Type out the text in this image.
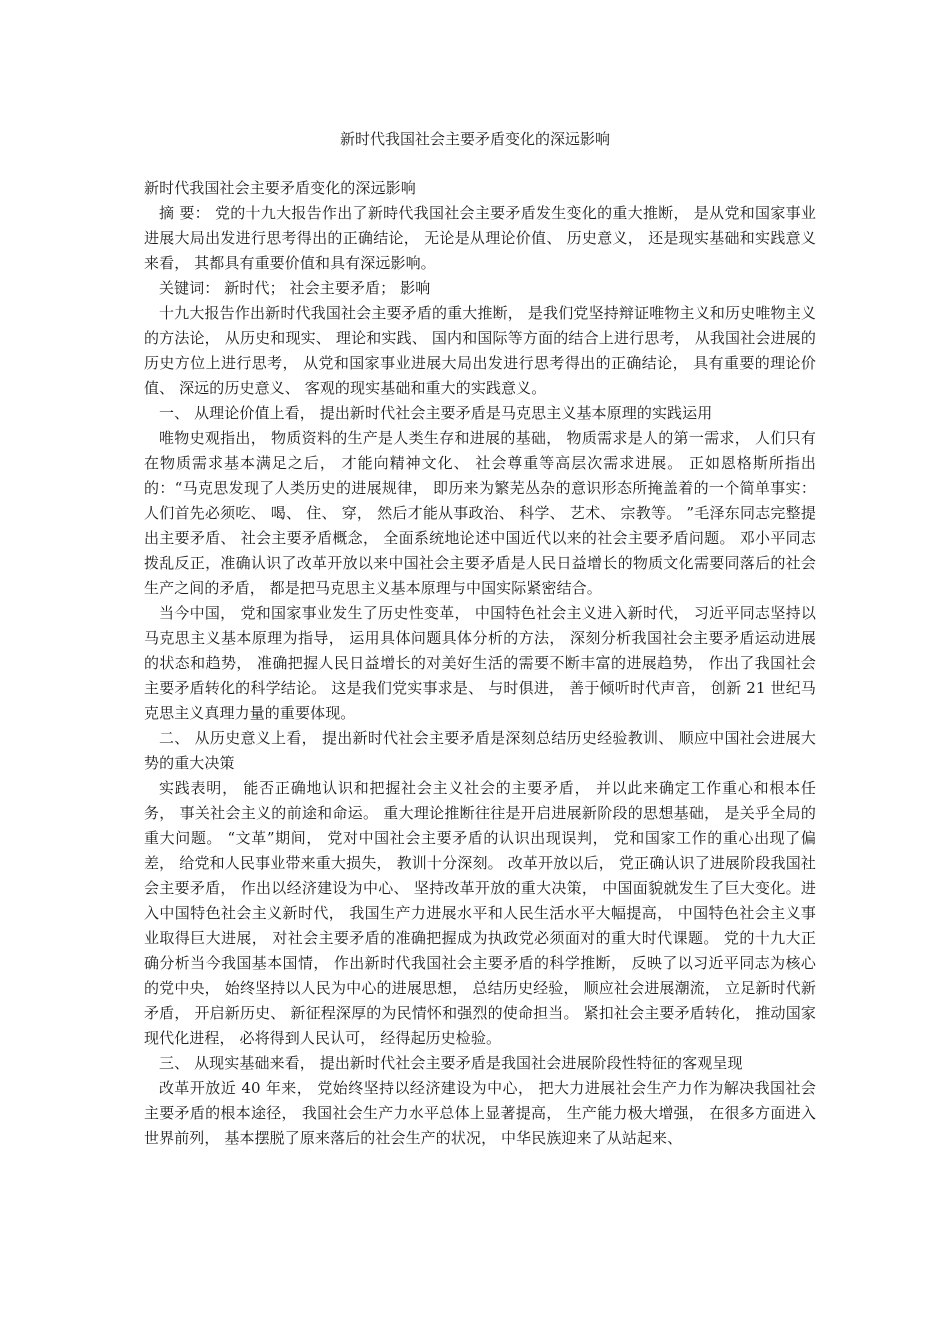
新时代我国社会主要矛盾变化的深远影响

新时代我国社会主要矛盾变化的深远影响

摘 要： 党的十九大报告作出了新時代我国社会主要矛盾发生变化的重大推断， 是从党和国家事业进展大局出发进行思考得出的正确结论， 无论是从理论价值、 历史意义， 还是现实基础和实践意义来看， 其都具有重要价值和具有深远影响。

关键词： 新时代； 社会主要矛盾； 影响

十九大报告作出新时代我国社会主要矛盾的重大推断， 是我们党坚持辩证唯物主义和历史唯物主义的方法论， 从历史和现实、 理论和实践、 国内和国际等方面的结合上进行思考， 从我国社会进展的历史方位上进行思考， 从党和国家事业进展大局出发进行思考得出的正确结论， 具有重要的理论价值、 深远的历史意义、 客观的现实基础和重大的实践意义。

一、 从理论价值上看， 提出新时代社会主要矛盾是马克思主义基本原理的实践运用

唯物史观指出， 物质资料的生产是人类生存和进展的基础， 物质需求是人的第一需求， 人们只有在物质需求基本满足之后， 才能向精神文化、 社会尊重等高层次需求进展。 正如恩格斯所指出的：“马克思发现了人类历史的进展规律， 即历来为繁芜丛杂的意识形态所掩盖着的一个简单事实： 人们首先必须吃、 喝、 住、 穿， 然后才能从事政治、 科学、 艺术、 宗教等。 ”毛泽东同志完整提出主要矛盾、 社会主要矛盾概念， 全面系统地论述中国近代以来的社会主要矛盾问题。 邓小平同志拨乱反正，准确认识了改革开放以来中国社会主要矛盾是人民日益增长的物质文化需要同落后的社会生产之间的矛盾， 都是把马克思主义基本原理与中国实际紧密结合。

当今中国， 党和国家事业发生了历史性变革， 中国特色社会主义进入新时代， 习近平同志坚持以马克思主义基本原理为指导， 运用具体问题具体分析的方法， 深刻分析我国社会主要矛盾运动进展的状态和趋势， 准确把握人民日益增长的对美好生活的需要不断丰富的进展趋势， 作出了我国社会主要矛盾转化的科学结论。 这是我们党实事求是、 与时俱进， 善于倾听时代声音， 创新 21 世纪马克思主义真理力量的重要体现。

二、 从历史意义上看， 提出新时代社会主要矛盾是深刻总结历史经验教训、 顺应中国社会进展大势的重大决策

实践表明， 能否正确地认识和把握社会主义社会的主要矛盾， 并以此来确定工作重心和根本任务， 事关社会主义的前途和命运。 重大理论推断往往是开启进展新阶段的思想基础， 是关乎全局的重大问题。 “文革”期间， 党对中国社会主要矛盾的认识出现误判， 党和国家工作的重心出现了偏差， 给党和人民事业带来重大损失， 教训十分深刻。 改革开放以后， 党正确认识了进展阶段我国社会主要矛盾， 作出以经济建设为中心、 坚持改革开放的重大决策， 中国面貌就发生了巨大变化。进入中国特色社会主义新时代， 我国生产力进展水平和人民生活水平大幅提高， 中国特色社会主义事业取得巨大进展， 对社会主要矛盾的准确把握成为执政党必须面对的重大时代课题。 党的十九大正确分析当今我国基本国情， 作出新时代我国社会主要矛盾的科学推断， 反映了以习近平同志为核心的党中央， 始终坚持以人民为中心的进展思想， 总结历史经验， 顺应社会进展潮流， 立足新时代新矛盾， 开启新历史、 新征程深厚的为民情怀和强烈的使命担当。 紧扣社会主要矛盾转化， 推动国家现代化进程， 必将得到人民认可， 经得起历史检验。

三、 从现实基础来看， 提出新时代社会主要矛盾是我国社会进展阶段性特征的客观呈现

改革开放近 40 年来， 党始终坚持以经济建设为中心， 把大力进展社会生产力作为解决我国社会主要矛盾的根本途径， 我国社会生产力水平总体上显著提高， 生产能力极大增强， 在很多方面进入世界前列， 基本摆脱了原来落后的社会生产的状况， 中华民族迎来了从站起来、
